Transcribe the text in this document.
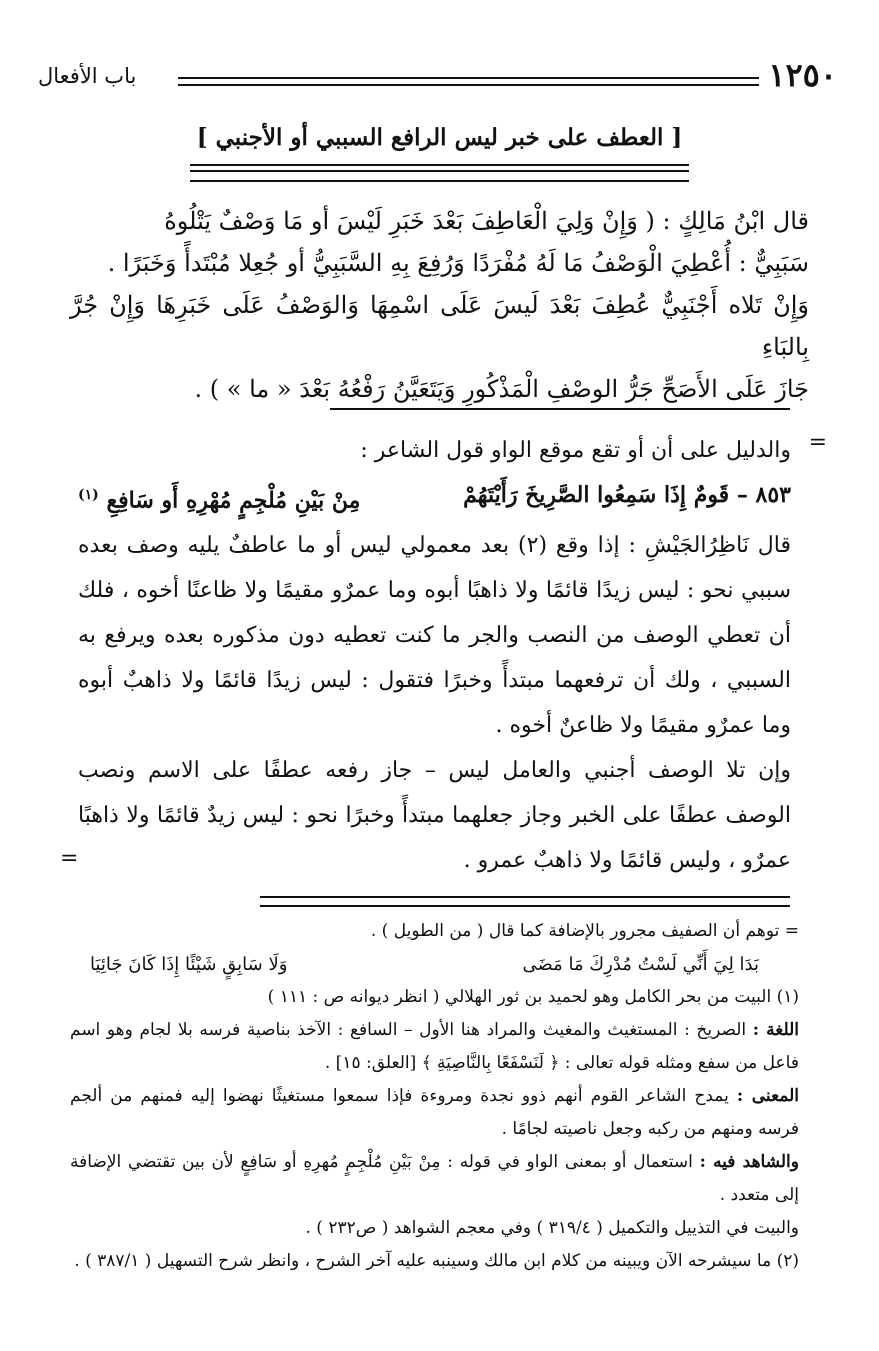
١٢٥٠
باب الأفعال
[ العطف على خبر ليس الرافع السببي أو الأجنبي ]

قال ابْنُ مَالِكٍ : ( وَإِنْ وَلِيَ الْعَاطِفَ بَعْدَ خَبَرِ لَيْسَ أو مَا وَصْفٌ يَتْلُوهُ

سَبَبِيٌّ : أُعْطِيَ الْوَصْفُ مَا لَهُ مُفْرَدًا وَرُفِعَ بِهِ السَّبَبِيُّ أو جُعِلا مُبْتَدأً وَخَبَرًا .

وَإِنْ تَلاه أَجْنَبِيٌّ عُطِفَ بَعْدَ لَيسَ عَلَى اسْمِهَا وَالوَصْفُ عَلَى خَبَرِهَا وَإِنْ جُرَّ بِالبَاءِ

جَازَ عَلَى الأَصَحِّ جَرُّ الوصْفِ الْمَذْكُورِ وَيَتَعَيَّنُ رَفْعُهُ بَعْدَ « ما » ) .

=

والدليل على أن أو تقع موقع الواو قول الشاعر :

٨٥٣ – قَومٌ إِذَا سَمِعُوا الصَّرِيخَ رَأَيْتَهُمْ
مِنْ بَيْنِ مُلْجِمٍ مُهْرِهِ أَو سَافِعِ $^{(١)}$

قال نَاظِرُالجَيْشِ : إذا وقع (٢) بعد معمولي ليس أو ما عاطفٌ يليه وصف بعده سببي نحو : ليس زيدًا قائمًا ولا ذاهبًا أبوه وما عمرٌو مقيمًا ولا ظاعنًا أخوه ، فلك أن تعطي الوصف من النصب والجر ما كنت تعطيه دون مذكوره بعده ويرفع به السببي ، ولك أن ترفعهما مبتدأً وخبرًا فتقول : ليس زيدًا قائمًا ولا ذاهبٌ أبوه وما عمرٌو مقيمًا ولا ظاعنٌ أخوه .

وإن تلا الوصف أجنبي والعامل ليس – جاز رفعه عطفًا على الاسم ونصب الوصف عطفًا على الخبر وجاز جعلهما مبتدأً وخبرًا نحو : ليس زيدٌ قائمًا ولا ذاهبًا عمرٌو ، وليس قائمًا ولا ذاهبٌ عمرو .

=

= توهم أن الصفيف مجرور بالإضافة كما قال ( من الطويل ) .

بَدَا لِيَ أَنِّي لَسْتُ مُدْرِكَ مَا مَضَى
وَلَا سَابِقٍ شَيْئًا إِذَا كَانَ جَائِيَا

(١) البيت من بحر الكامل وهو لحميد بن ثور الهلالي ( انظر ديوانه ص : ١١١ )

اللغة : الصريخ : المستغيث والمغيث والمراد هنا الأول – السافع : الآخذ بناصية فرسه بلا لجام وهو اسم فاعل من سفع ومثله قوله تعالى : ﴿ لَنَسْفَعًا بِالنَّاصِيَةِ ﴾ [العلق: ١٥] .

المعنى : يمدح الشاعر القوم أنهم ذوو نجدة ومروءة فإذا سمعوا مستغيثًا نهضوا إليه فمنهم من ألجم فرسه ومنهم من ركبه وجعل ناصيته لجامًا .

والشاهد فيه : استعمال أو بمعنى الواو في قوله : مِنْ بَيْنِ مُلْجِمٍ مُهرِهِ أو سَافِعٍ لأن بين تقتضي الإضافة إلى متعدد .

والبيت في التذييل والتكميل ( ٣١٩/٤ ) وفي معجم الشواهد ( ص٢٣٢ ) .

(٢) ما سيشرحه الآن ويبينه من كلام ابن مالك وسينبه عليه آخر الشرح ، وانظر شرح التسهيل ( ٣٨٧/١ ) .
